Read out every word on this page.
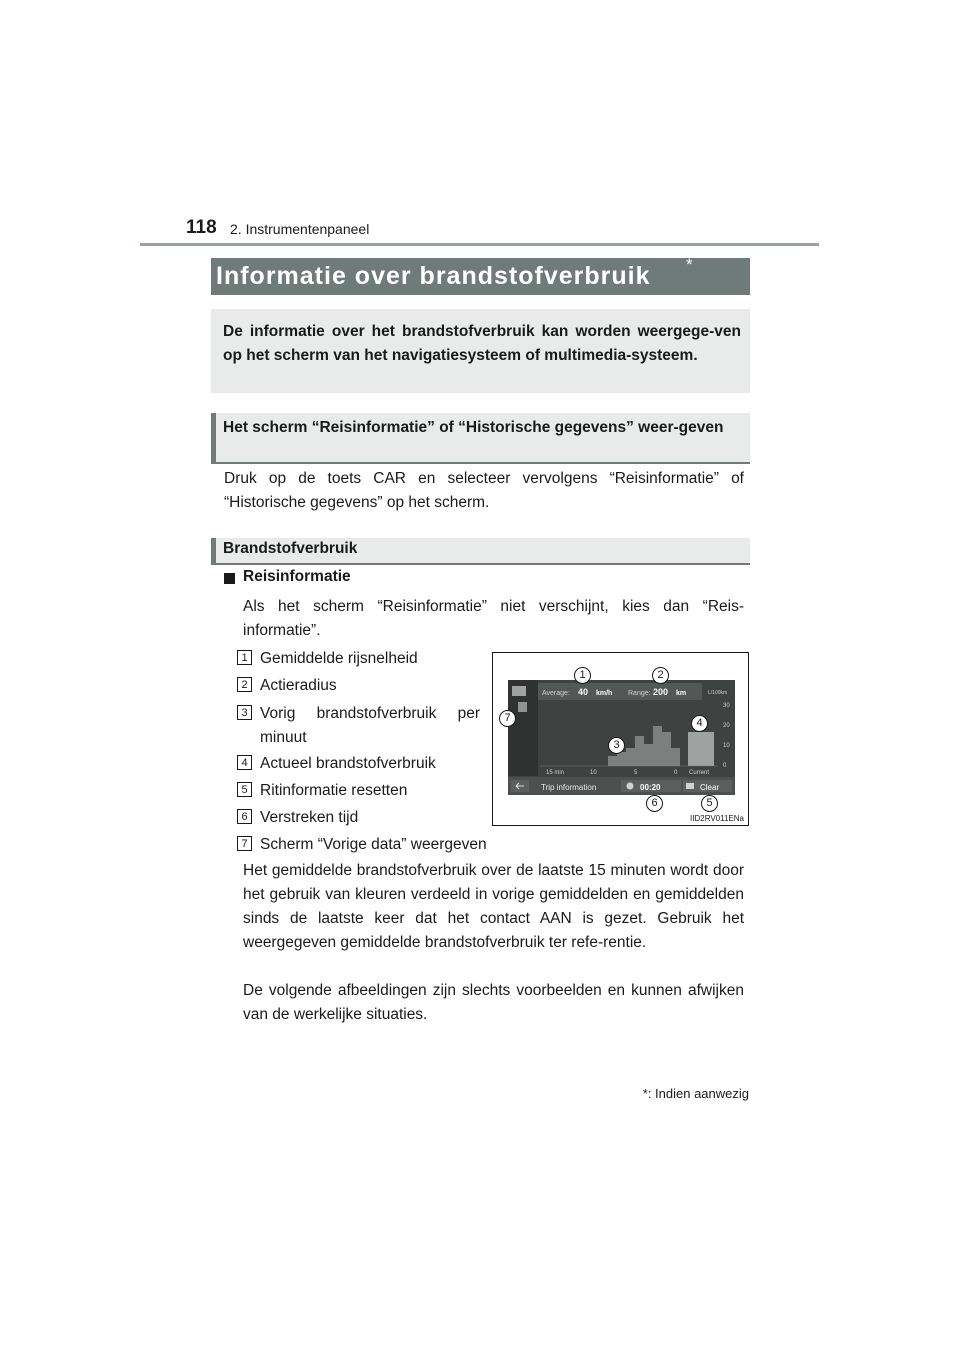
118 2. Instrumentenpaneel
Informatie over brandstofverbruik *
De informatie over het brandstofverbruik kan worden weergege-ven op het scherm van het navigatiesysteem of multimedia-systeem.
Het scherm “Reisinformatie” of “Historische gegevens” weer-geven
Druk op de toets CAR en selecteer vervolgens “Reisinformatie” of “Historische gegevens” op het scherm.
Brandstofverbruik
Reisinformatie
Als het scherm “Reisinformatie” niet verschijnt, kies dan “Reis-informatie”.
1 Gemiddelde rijsnelheid
2 Actieradius
3 Vorig brandstofverbruik per minuut
4 Actueel brandstofverbruik
5 Ritinformatie resetten
6 Verstreken tijd
7 Scherm “Vorige data” weergeven
Average: 40 km/h Range: 200 km	L/100km
30
20
10
0
15 min	10	5	0 Current
Trip information	00:20	Clear
1	2
3
4
5
6
7
IID2RV011ENa
Het gemiddelde brandstofverbruik over de laatste 15 minuten wordt door het gebruik van kleuren verdeeld in vorige gemiddelden en gemiddelden sinds de laatste keer dat het contact AAN is gezet. Gebruik het weergegeven gemiddelde brandstofverbruik ter refe-rentie.
De volgende afbeeldingen zijn slechts voorbeelden en kunnen afwijken van de werkelijke situaties.
*: Indien aanwezig
